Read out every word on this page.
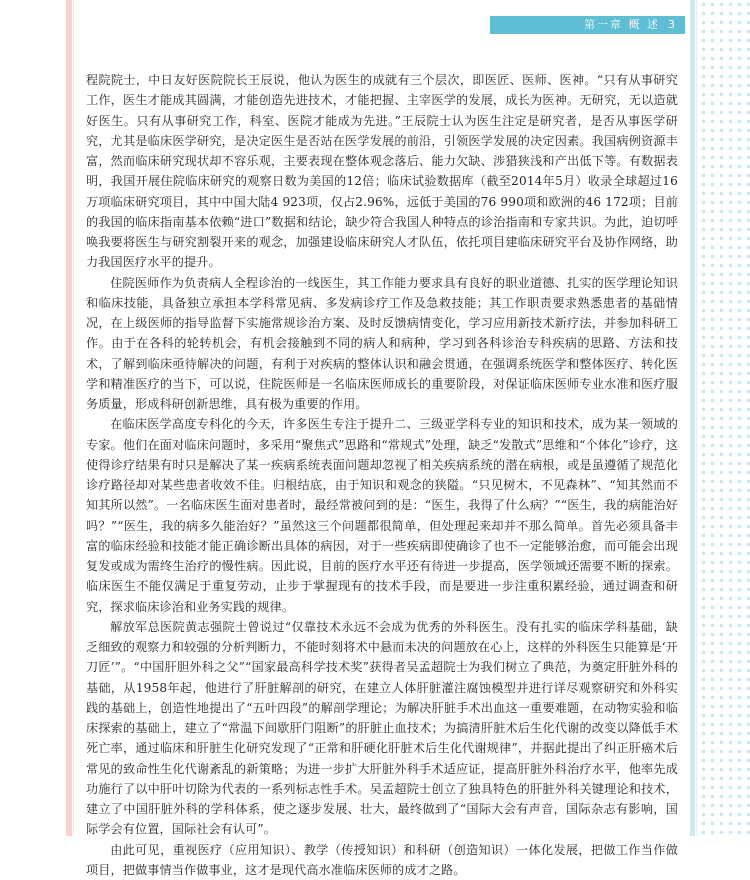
第一章 概 述 3

程院院士，中日友好医院院长王辰说，他认为医生的成就有三个层次，即医匠、医师、医神。“只有从事研究工作，医生才能成其圆满，才能创造先进技术，才能把握、主宰医学的发展，成长为医神。无研究，无以造就好医生。只有从事研究工作，科室、医院才能成为先进。”王辰院士认为医生注定是研究者，是否从事医学研究，尤其是临床医学研究，是决定医生是否站在医学发展的前沿，引领医学发展的决定因素。我国病例资源丰富，然而临床研究现状却不容乐观，主要表现在整体观念落后、能力欠缺、涉猎狭浅和产出低下等。有数据表明，我国开展住院临床研究的观察日数为美国的12倍；临床试验数据库（截至2014年5月）收录全球超过16万项临床研究项目，其中中国大陆4 923项，仅占2.96%，远低于美国的76 990项和欧洲的46 172项；目前的我国的临床指南基本依赖“进口”数据和结论，缺少符合我国人种特点的诊治指南和专家共识。为此，迫切呼唤我要将医生与研究割裂开来的观念，加强建设临床研究人才队伍，依托项目建临床研究平台及协作网络，助力我国医疗水平的提升。

住院医师作为负责病人全程诊治的一线医生，其工作能力要求具有良好的职业道德、扎实的医学理论知识和临床技能，具备独立承担本学科常见病、多发病诊疗工作及急救技能；其工作职责要求熟悉患者的基础情况，在上级医师的指导监督下实施常规诊治方案、及时反馈病情变化，学习应用新技术新疗法，并参加科研工作。由于在各科的轮转机会，有机会接触到不同的病人和病种，学习到各科诊治专科疾病的思路、方法和技术，了解到临床亟待解决的问题，有利于对疾病的整体认识和融会贯通，在强调系统医学和整体医疗、转化医学和精准医疗的当下，可以说，住院医师是一名临床医师成长的重要阶段，对保证临床医师专业水准和医疗服务质量，形成科研创新思维，具有极为重要的作用。

在临床医学高度专科化的今天，许多医生专注于提升二、三级亚学科专业的知识和技术，成为某一领域的专家。他们在面对临床问题时，多采用“聚焦式”思路和“常规式”处理，缺乏“发散式”思维和“个体化”诊疗，这使得诊疗结果有时只是解决了某一疾病系统表面问题却忽视了相关疾病系统的潜在病根，或是虽遵循了规范化诊疗路径却对某些患者收效不佳。归根结底，由于知识和观念的狭隘。“只见树木，不见森林”、“知其然而不知其所以然”。一名临床医生面对患者时，最经常被问到的是：“医生，我得了什么病？”“医生，我的病能治好吗？”“医生，我的病多久能治好？”虽然这三个问题都很简单，但处理起来却并不那么简单。首先必须具备丰富的临床经验和技能才能正确诊断出具体的病因，对于一些疾病即使确诊了也不一定能够治愈，而可能会出现复发或成为需终生治疗的慢性病。因此说，目前的医疗水平还有待进一步提高，医学领域还需要不断的探索。临床医生不能仅满足于重复劳动，止步于掌握现有的技术手段，而是要进一步注重积累经验，通过调查和研究，探求临床诊治和业务实践的规律。

解放军总医院黄志强院士曾说过“仅靠技术永远不会成为优秀的外科医生。没有扎实的临床学科基础，缺乏细致的观察力和较强的分析判断力，不能时刻将术中悬而未决的问题放在心上，这样的外科医生只能算是‘开刀匠’”。“中国肝胆外科之父”“国家最高科学技术奖”获得者吴孟超院士为我们树立了典范，为奠定肝脏外科的基础，从1958年起，他进行了肝脏解剖的研究，在建立人体肝脏灌注腐蚀模型并进行详尽观察研究和外科实践的基础上，创造性地提出了“五叶四段”的解剖学理论；为解决肝脏手术出血这一重要难题，在动物实验和临床探索的基础上，建立了“常温下间歇肝门阻断”的肝脏止血技术；为搞清肝脏术后生化代谢的改变以降低手术死亡率，通过临床和肝脏生化研究发现了“正常和肝硬化肝脏术后生化代谢规律”，并据此提出了纠正肝癌术后常见的致命性生化代谢紊乱的新策略；为进一步扩大肝脏外科手术适应证，提高肝脏外科治疗水平，他率先成功施行了以中肝叶切除为代表的一系列标志性手术。吴孟超院士创立了独具特色的肝脏外科关键理论和技术，建立了中国肝脏外科的学科体系，使之逐步发展、壮大，最终做到了“国际大会有声音，国际杂志有影响，国际学会有位置，国际社会有认可”。

由此可见，重视医疗（应用知识）、教学（传授知识）和科研（创造知识）一体化发展，把做工作当作做项目，把做事情当作做事业，这才是现代高水准临床医师的成才之路。
